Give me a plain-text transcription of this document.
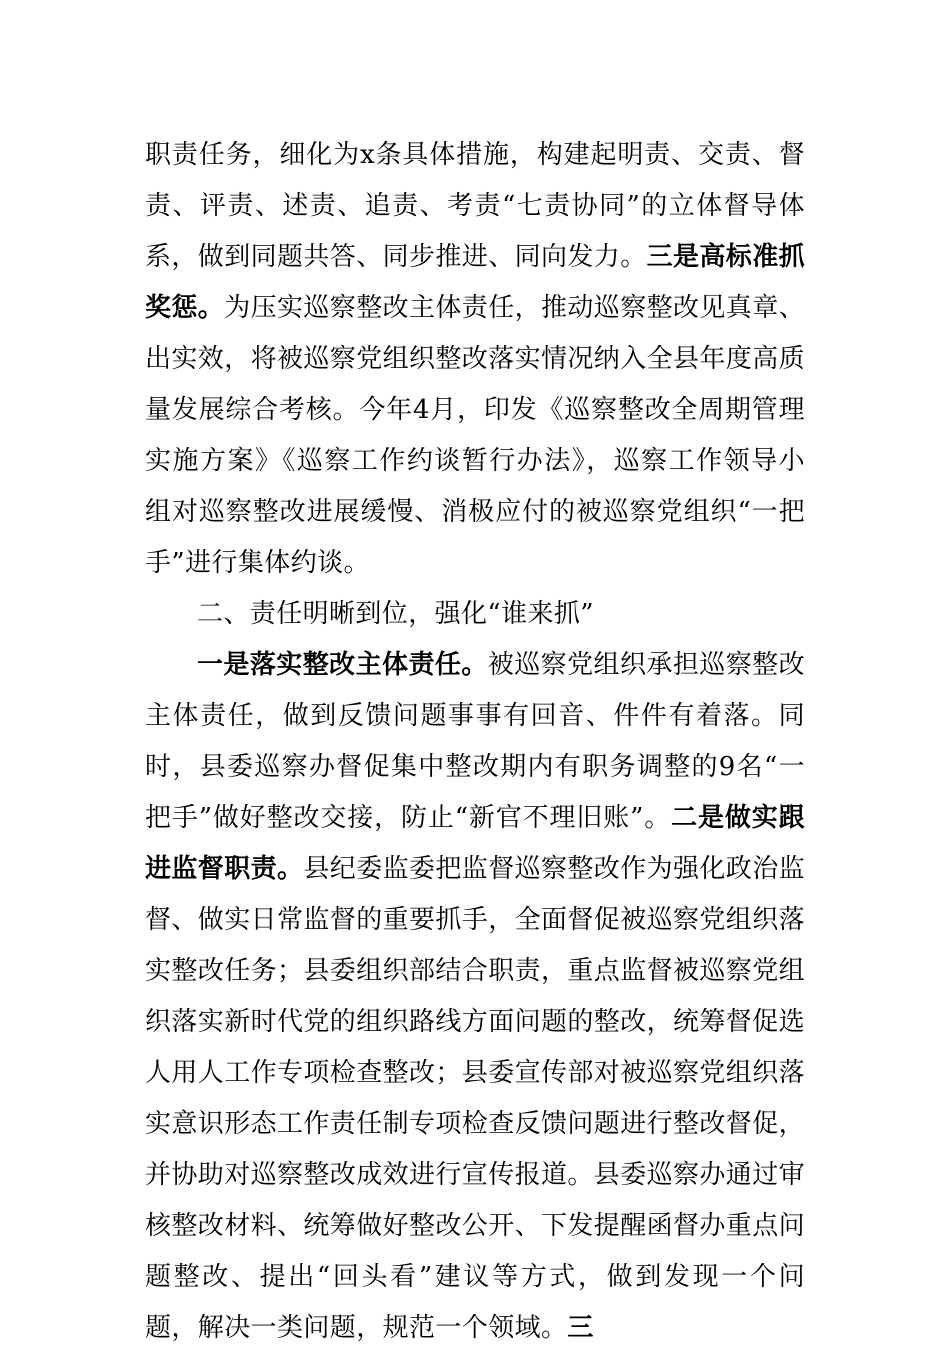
职责任务，细化为x条具体措施，构建起明责、交责、督责、评责、述责、追责、考责“七责协同”的立体督导体系，做到同题共答、同步推进、同向发力。三是高标准抓奖惩。为压实巡察整改主体责任，推动巡察整改见真章、出实效，将被巡察党组织整改落实情况纳入全县年度高质量发展综合考核。今年4月，印发《巡察整改全周期管理实施方案》《巡察工作约谈暂行办法》，巡察工作领导小组对巡察整改进展缓慢、消极应付的被巡察党组织“一把手”进行集体约谈。

二、责任明晰到位，强化“谁来抓”

一是落实整改主体责任。被巡察党组织承担巡察整改主体责任，做到反馈问题事事有回音、件件有着落。同时，县委巡察办督促集中整改期内有职务调整的9名“一把手”做好整改交接，防止“新官不理旧账”。二是做实跟进监督职责。县纪委监委把监督巡察整改作为强化政治监督、做实日常监督的重要抓手，全面督促被巡察党组织落实整改任务；县委组织部结合职责，重点监督被巡察党组织落实新时代党的组织路线方面问题的整改，统筹督促选人用人工作专项检查整改；县委宣传部对被巡察党组织落实意识形态工作责任制专项检查反馈问题进行整改督促，并协助对巡察整改成效进行宣传报道。县委巡察办通过审核整改材料、统筹做好整改公开、下发提醒函督办重点问题整改、提出“回头看”建议等方式，做到发现一个问题，解决一类问题，规范一个领域。三
